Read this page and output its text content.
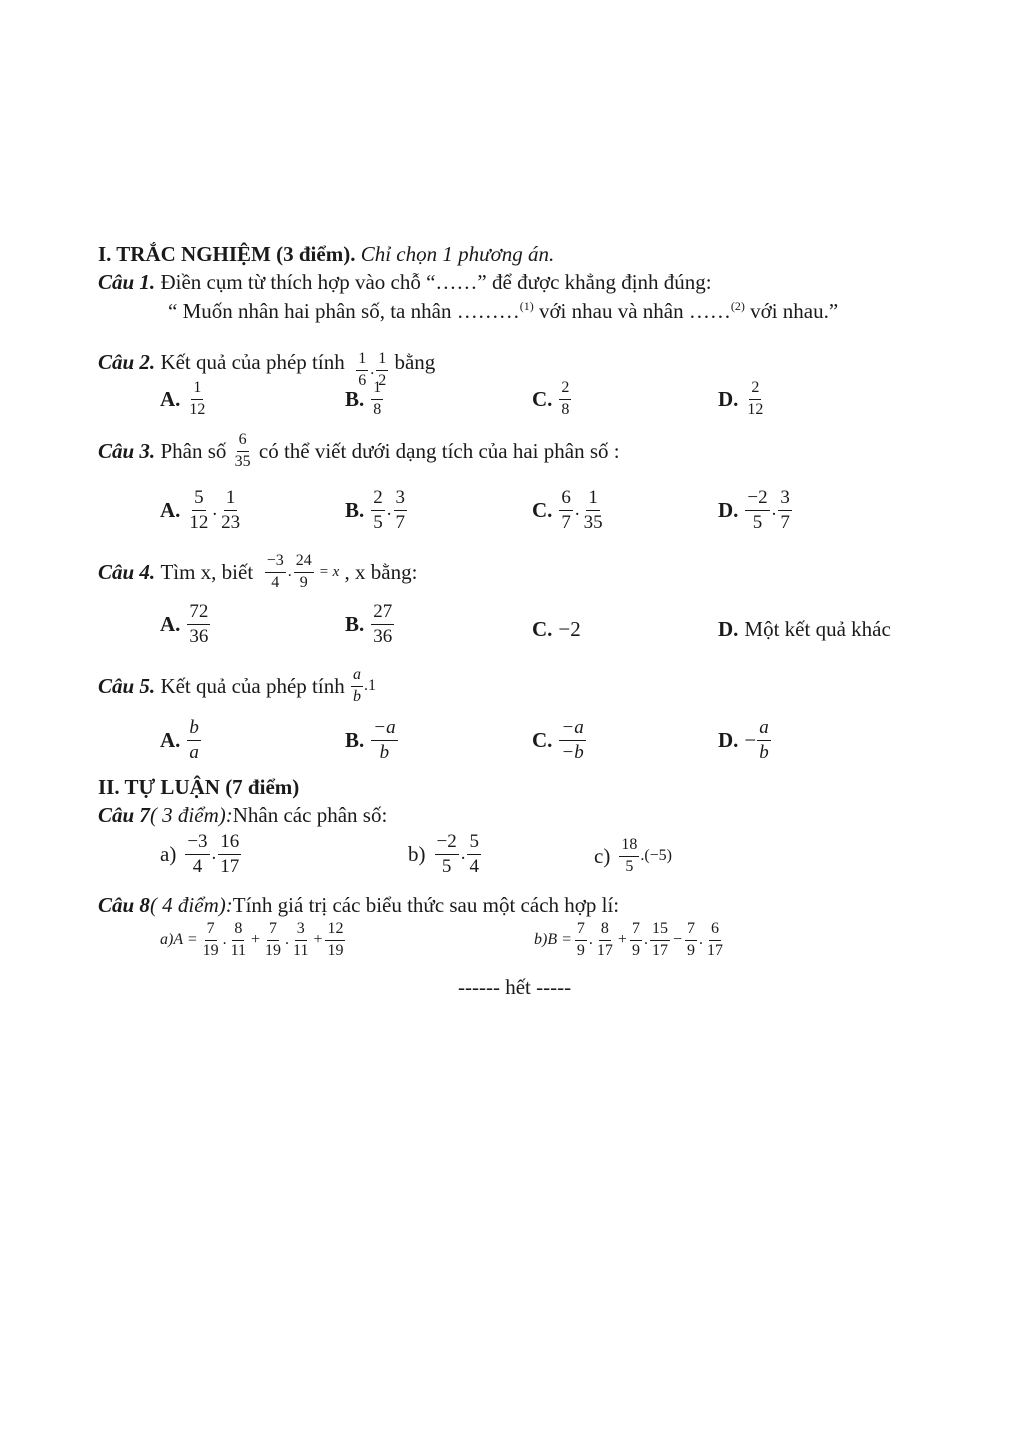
I. TRẮC NGHIỆM (3 điểm). Chỉ chọn 1 phương án.
Câu 1. Điền cụm từ thích hợp vào chỗ “……” để được khẳng định đúng:
“ Muốn nhân hai phân số, ta nhân ………$^{(1)}$ với nhau và nhân ……$^{(2)}$ với nhau.”
Câu 2.
Kết quả của phép tính
$\frac{1}{6}$ . $\frac{1}{2}$
bằng
A. $\frac{1}{12}$	B. $\frac{1}{8}$	C. $\frac{2}{8}$	D. $\frac{2}{12}$
Câu 3.
Phân số
$\frac{6}{35}$
có thể viết dưới dạng tích của hai phân số :
A. $\frac{5}{12}$ . $\frac{1}{23}$	B. $\frac{2}{5}$ . $\frac{3}{7}$	C. $\frac{6}{7}$ . $\frac{1}{35}$	D. $\frac{-2}{5}$ . $\frac{3}{7}$
Câu 4.
Tìm x, biết
$\frac{-3}{4}$ . $\frac{24}{9}$
= x
, x bằng:
A. $\frac{72}{36}$	B. $\frac{27}{36}$	C. −2	D. Một kết quả khác
Câu 5.
Kết quả của phép tính
$\frac{a}{b} .1$
A. $\frac{b}{a}$	B. $\frac{-a}{b}$	C. $\frac{-a}{-b}$	D. − $\frac{a}{b}$
II. TỰ LUẬN (7 điểm)
Câu 7( 3 điểm):Nhân các phân số:
$a) \frac{-3}{4}$ . $\frac{16}{17}$	$b) \frac{-2}{5}$ . $\frac{5}{4}$	$c) \frac{18}{5} .(-5)$
Câu 8( 4 điểm):Tính giá trị các biểu thức sau một cách hợp lí:
$a)A = \frac{7}{19}$ . $\frac{8}{11} + \frac{7}{19}$ . $\frac{3}{11} + \frac{12}{19}$	$b)B = \frac{7}{9}$ . $\frac{8}{17} + \frac{7}{9}$ . $\frac{15}{17} - \frac{7}{9}$ . $\frac{6}{17}$
------ hết -----
